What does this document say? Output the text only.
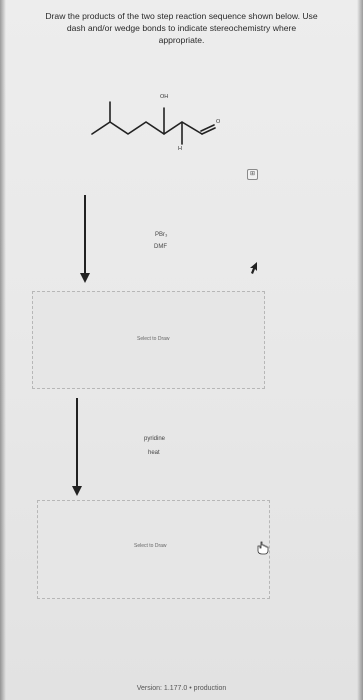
Draw the products of the two step reaction sequence shown below. Use
dash and/or wedge bonds to indicate stereochemistry where
appropriate.
OH
O
H
⊞
PBr₃
DMF
Select to Draw
pyridine
heat
Select to Draw
Version: 1.177.0 • production
